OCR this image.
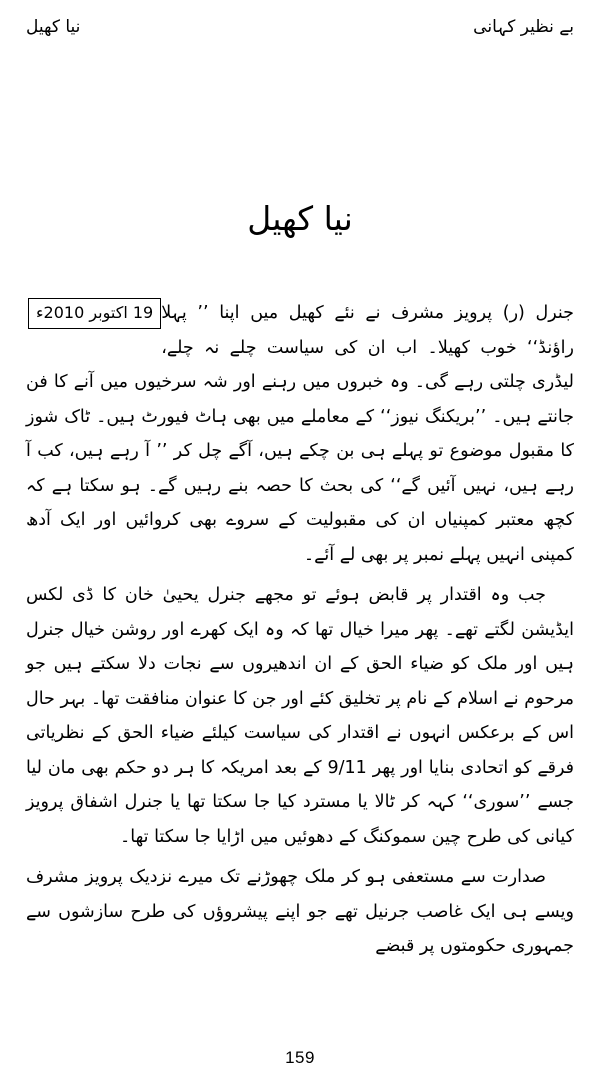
بے نظیر کہانی
نیا کھیل
نیا کھیل

19 اکتوبر 2010ء جنرل (ر) پرویز مشرف نے نئے کھیل میں اپنا ’’ پہلا راؤنڈ‘‘ خوب کھیلا۔ اب ان کی سیاست چلے نہ چلے، لیڈری چلتی رہے گی۔ وہ خبروں میں رہنے اور شہ سرخیوں میں آنے کا فن جانتے ہیں۔ ’’بریکنگ نیوز‘‘ کے معاملے میں بھی ہاٹ فیورٹ ہیں۔ ٹاک شوز کا مقبول موضوع تو پہلے ہی بن چکے ہیں، آگے چل کر ’’ آ رہے ہیں، کب آ رہے ہیں، نہیں آئیں گے‘‘ کی بحث کا حصہ بنے رہیں گے۔ ہو سکتا ہے کہ کچھ معتبر کمپنیاں ان کی مقبولیت کے سروے بھی کروائیں اور ایک آدھ کمپنی انہیں پہلے نمبر پر بھی لے آئے۔

جب وہ اقتدار پر قابض ہوئے تو مجھے جنرل یحییٰ خان کا ڈی لکس ایڈیشن لگتے تھے۔ پھر میرا خیال تھا کہ وہ ایک کھرے اور روشن خیال جنرل ہیں اور ملک کو ضیاء الحق کے ان اندھیروں سے نجات دلا سکتے ہیں جو مرحوم نے اسلام کے نام پر تخلیق کئے اور جن کا عنوان منافقت تھا۔ بہر حال اس کے برعکس انہوں نے اقتدار کی سیاست کیلئے ضیاء الحق کے نظریاتی فرقے کو اتحادی بنایا اور پھر 9/11 کے بعد امریکہ کا ہر دو حکم بھی مان لیا جسے ’’سوری‘‘ کہہ کر ٹالا یا مسترد کیا جا سکتا تھا یا جنرل اشفاق پرویز کیانی کی طرح چین سموکنگ کے دھوئیں میں اڑایا جا سکتا تھا۔

صدارت سے مستعفی ہو کر ملک چھوڑنے تک میرے نزدیک پرویز مشرف ویسے ہی ایک غاصب جرنیل تھے جو اپنے پیشروؤں کی طرح سازشوں سے جمہوری حکومتوں پر قبضے

159
